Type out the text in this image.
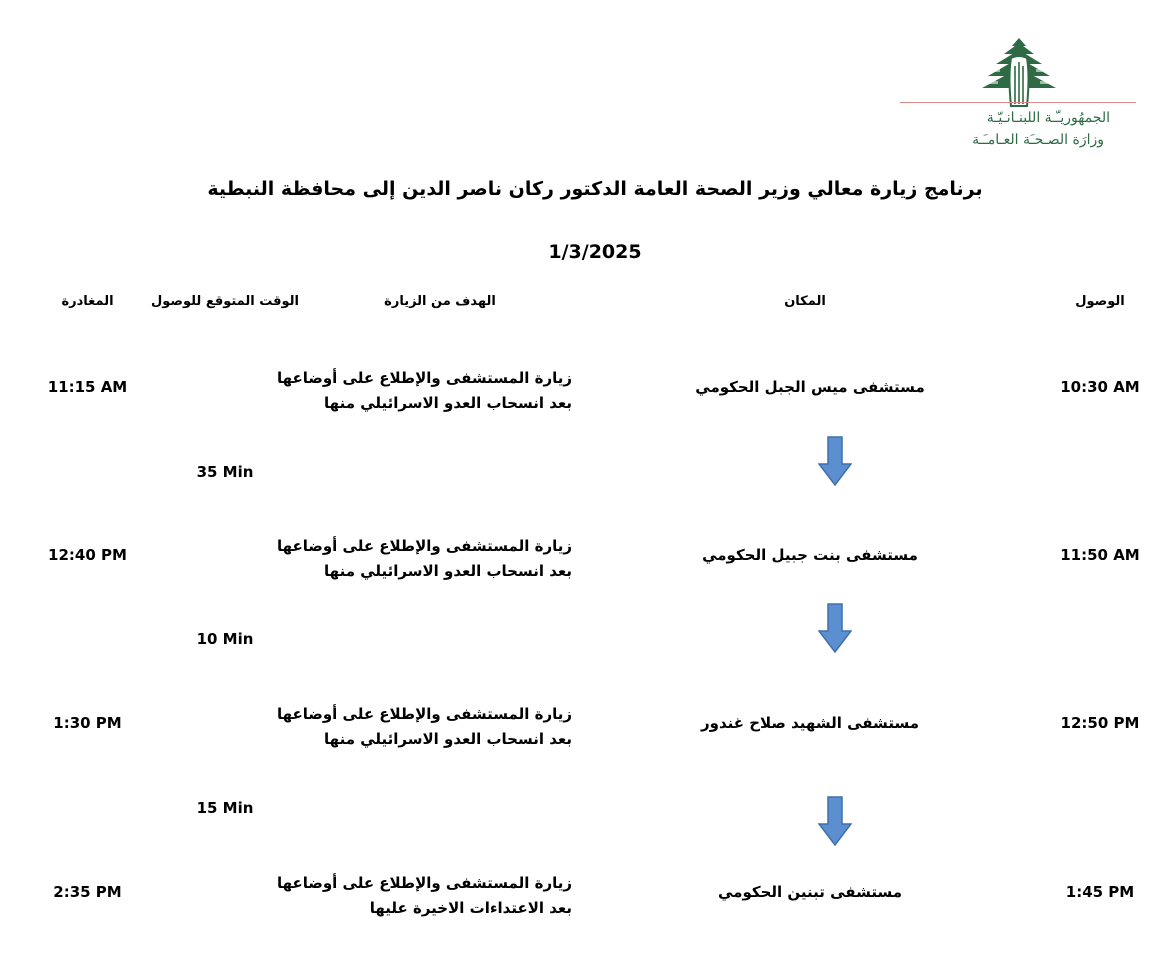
الجمهُوريـّـة اللبنـانـيّـة
وزارَة الصـحـَة العـامـَـة
برنامج زيارة معالي وزير الصحة العامة الدكتور ركان ناصر الدين إلى محافظة النبطية
1/3/2025
الوصول
المكان
الهدف من الزيارة
الوقت المتوقع للوصول
المغادرة
10:30 AM
مستشفى ميس الجبل الحكومي
زيارة المستشفى والإطلاع على أوضاعها
بعد انسحاب العدو الاسرائيلي منها
11:15 AM
35 Min
11:50 AM
مستشفى بنت جبيل الحكومي
زيارة المستشفى والإطلاع على أوضاعها
بعد انسحاب العدو الاسرائيلي منها
12:40 PM
10 Min
12:50 PM
مستشفى الشهيد صلاح غندور
زيارة المستشفى والإطلاع على أوضاعها
بعد انسحاب العدو الاسرائيلي منها
1:30 PM
15 Min
1:45 PM
مستشفى تبنين الحكومي
زيارة المستشفى والإطلاع على أوضاعها
بعد الاعتداءات الاخيرة عليها
2:35 PM
